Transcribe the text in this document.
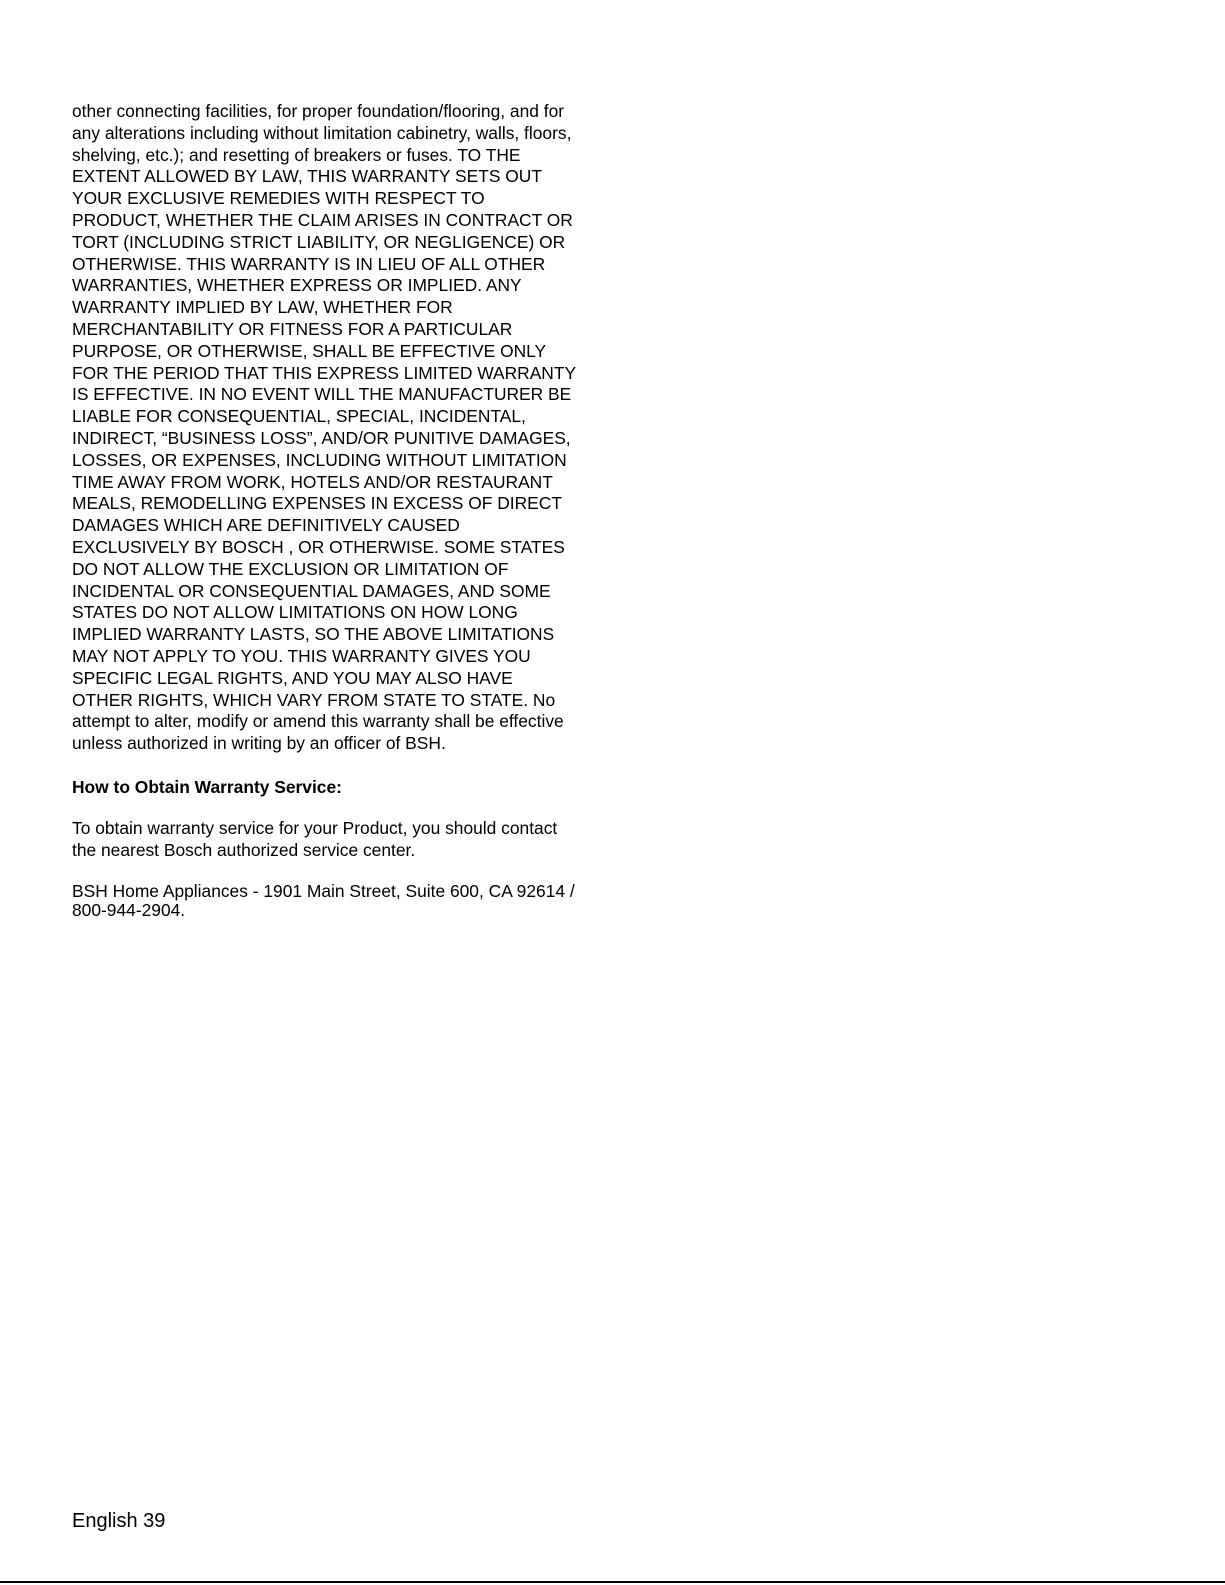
other connecting facilities, for proper foundation/flooring, and for
any alterations including without limitation cabinetry, walls, floors,
shelving, etc.); and resetting of breakers or fuses. TO THE
EXTENT ALLOWED BY LAW, THIS WARRANTY SETS OUT
YOUR EXCLUSIVE REMEDIES WITH RESPECT TO
PRODUCT, WHETHER THE CLAIM ARISES IN CONTRACT OR
TORT (INCLUDING STRICT LIABILITY, OR NEGLIGENCE) OR
OTHERWISE. THIS WARRANTY IS IN LIEU OF ALL OTHER
WARRANTIES, WHETHER EXPRESS OR IMPLIED. ANY
WARRANTY IMPLIED BY LAW, WHETHER FOR
MERCHANTABILITY OR FITNESS FOR A PARTICULAR
PURPOSE, OR OTHERWISE, SHALL BE EFFECTIVE ONLY
FOR THE PERIOD THAT THIS EXPRESS LIMITED WARRANTY
IS EFFECTIVE. IN NO EVENT WILL THE MANUFACTURER BE
LIABLE FOR CONSEQUENTIAL, SPECIAL, INCIDENTAL,
INDIRECT, “BUSINESS LOSS”, AND/OR PUNITIVE DAMAGES,
LOSSES, OR EXPENSES, INCLUDING WITHOUT LIMITATION
TIME AWAY FROM WORK, HOTELS AND/OR RESTAURANT
MEALS, REMODELLING EXPENSES IN EXCESS OF DIRECT
DAMAGES WHICH ARE DEFINITIVELY CAUSED
EXCLUSIVELY BY BOSCH , OR OTHERWISE. SOME STATES
DO NOT ALLOW THE EXCLUSION OR LIMITATION OF
INCIDENTAL OR CONSEQUENTIAL DAMAGES, AND SOME
STATES DO NOT ALLOW LIMITATIONS ON HOW LONG
IMPLIED WARRANTY LASTS, SO THE ABOVE LIMITATIONS
MAY NOT APPLY TO YOU. THIS WARRANTY GIVES YOU
SPECIFIC LEGAL RIGHTS, AND YOU MAY ALSO HAVE
OTHER RIGHTS, WHICH VARY FROM STATE TO STATE. No
attempt to alter, modify or amend this warranty shall be effective
unless authorized in writing by an officer of BSH.

How to Obtain Warranty Service:

To obtain warranty service for your Product, you should contact
the nearest Bosch authorized service center.

BSH Home Appliances - 1901 Main Street, Suite 600, CA 92614 /
800-944-2904.

English 39
